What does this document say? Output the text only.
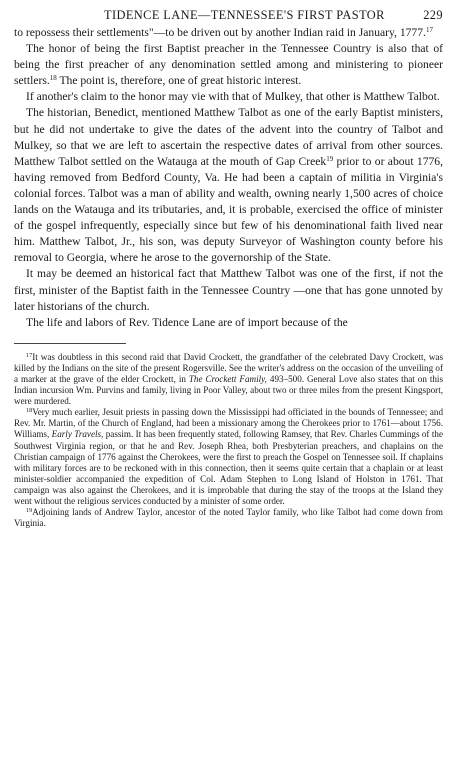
TIDENCE LANE—TENNESSEE'S FIRST PASTOR	229

to repossess their settlements"—to be driven out by another Indian raid in January, 1777.17

The honor of being the first Baptist preacher in the Tennessee Country is also that of being the first preacher of any denomination settled among and ministering to pioneer settlers.$^{18}$ The point is, therefore, one of great historic interest.

If another's claim to the honor may vie with that of Mulkey, that other is Matthew Talbot.

The historian, Benedict, mentioned Matthew Talbot as one of the early Baptist ministers, but he did not undertake to give the dates of the advent into the country of Talbot and Mulkey, so that we are left to ascertain the respective dates of arrival from other sources. Matthew Talbot settled on the Watauga at the mouth of Gap Creek$^{19}$ prior to or about 1776, having removed from Bedford County, Va. He had been a captain of militia in Virginia's colonial forces. Talbot was a man of ability and wealth, owning nearly 1,500 acres of choice lands on the Watauga and its tributaries, and, it is probable, exercised the office of minister of the gospel infrequently, especially since but few of his denominational faith lived near him. Matthew Talbot, Jr., his son, was deputy Surveyor of Washington county before his removal to Georgia, where he arose to the governorship of the State.

It may be deemed an historical fact that Matthew Talbot was one of the first, if not the first, minister of the Baptist faith in the Tennessee Country —one that has gone unnoted by later historians of the church.

The life and labors of Rev. Tidence Lane are of import because of the

$^{17}$It was doubtless in this second raid that David Crockett, the grandfather of the celebrated Davy Crockett, was killed by the Indians on the site of the present Rogersville. See the writer's address on the occasion of the unveiling of a marker at the grave of the elder Crockett, in The Crockett Family, 493–500. General Love also states that on this Indian incursion Wm. Purvins and family, living in Poor Valley, about two or three miles from the present Kingsport, were murdered.

$^{18}$Very much earlier, Jesuit priests in passing down the Mississippi had officiated in the bounds of Tennessee; and Rev. Mr. Martin, of the Church of England, had been a missionary among the Cherokees prior to 1761—about 1756. Williams, Early Travels, passim. It has been frequently stated, following Ramsey, that Rev. Charles Cummings of the Southwest Virginia region, or that he and Rev. Joseph Rhea, both Presbyterian preachers, and chaplains on the Christian campaign of 1776 against the Cherokees, were the first to preach the Gospel on Tennessee soil. If chaplains with military forces are to be reckoned with in this connection, then it seems quite certain that a chaplain or at least minister-soldier accompanied the expedition of Col. Adam Stephen to Long Island of Holston in 1761. That campaign was also against the Cherokees, and it is improbable that during the stay of the troops at the Island they went without the religious services conducted by a minister of some order.

$^{19}$Adjoining lands of Andrew Taylor, ancestor of the noted Taylor family, who like Talbot had come down from Virginia.
